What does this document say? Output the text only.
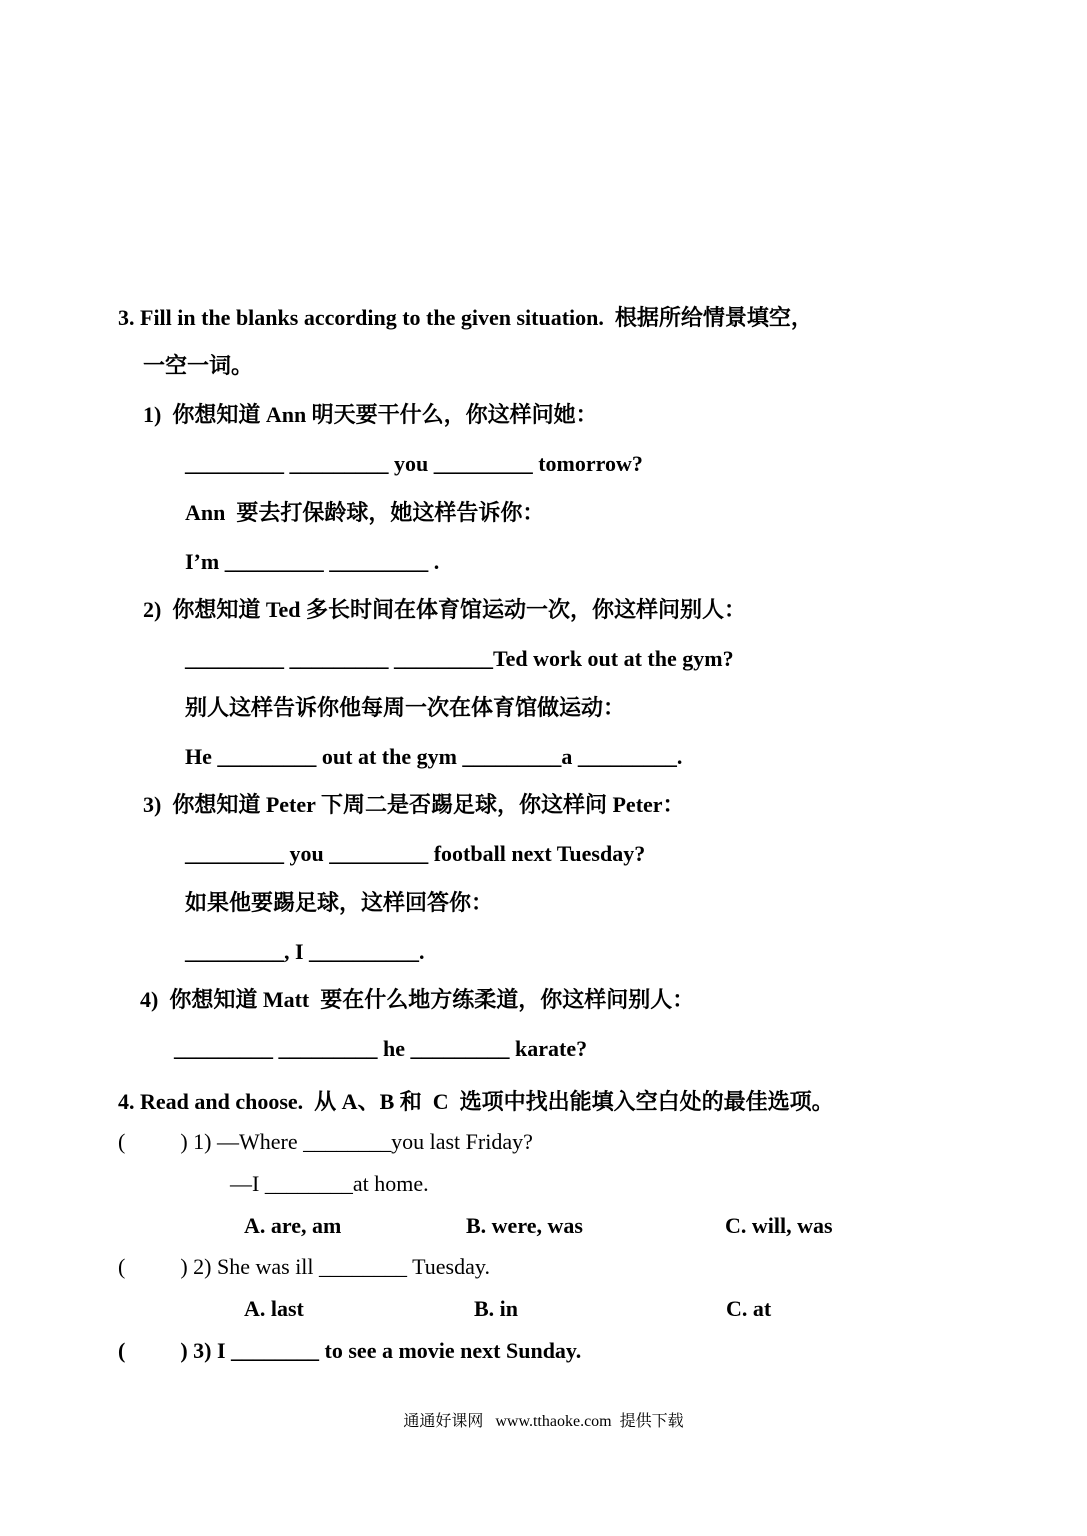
3. Fill in the blanks according to the given situation.  根据所给情景填空，
一空一词。
1)  你想知道 Ann 明天要干什么，你这样问她：
_________ _________ you _________ tomorrow?
Ann  要去打保龄球，她这样告诉你：
I’m _________ _________ .
2)  你想知道 Ted 多长时间在体育馆运动一次，你这样问别人：
_________ _________ _________Ted work out at the gym?
别人这样告诉你他每周一次在体育馆做运动：
He _________ out at the gym _________a _________.
3)  你想知道 Peter 下周二是否踢足球，你这样问 Peter：
_________ you _________ football next Tuesday?
如果他要踢足球，这样回答你：
_________, I __________.
4)  你想知道 Matt  要在什么地方练柔道，你这样问别人：
_________ _________ he _________ karate?
4. Read and choose.  从 A、B 和  C  选项中找出能填入空白处的最佳选项。
(          ) 1) —Where ________you last Friday?
—I ________at home.
A. are, am	B. were, was	C. will, was
(          ) 2) She was ill ________ Tuesday.
A. last	B. in	C. at
(          ) 3) I ________ to see a movie next Sunday.
通通好课网   www.tthaoke.com  提供下载
